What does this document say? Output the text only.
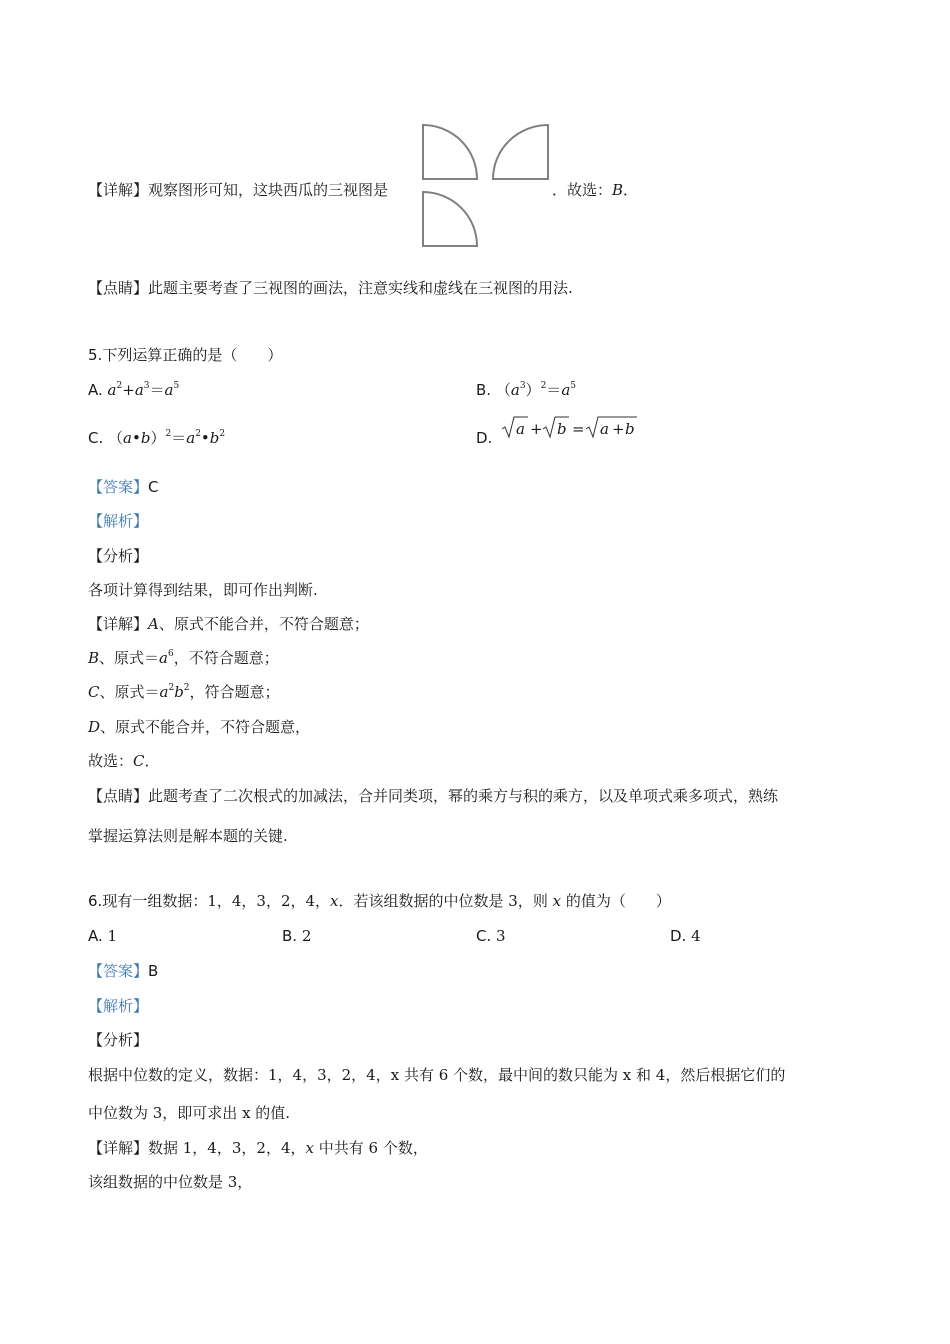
【详解】观察图形可知，这块西瓜的三视图是	．故选：B．
【点睛】此题主要考查了三视图的画法，注意实线和虚线在三视图的用法.
5.下列运算正确的是（　　）
A. $a^2+a^3=a^5$	B. $(a^3)^2=a^5$
C. $(a•b)^2=a^2•b^2$	D. a + b = a + b
【答案】C
【解析】
【分析】
各项计算得到结果，即可作出判断.
【详解】A、原式不能合并，不符合题意；
B、原式$=a^6$，不符合题意；
C、原式$=a^2b^2$，符合题意；
D、原式不能合并，不符合题意，
故选：C．
【点睛】此题考查了二次根式的加减法，合并同类项，幂的乘方与积的乘方，以及单项式乘多项式，熟练
掌握运算法则是解本题的关键.
6.现有一组数据：1，4，3，2，4，x．若该组数据的中位数是 3，则 x 的值为（　　）
A. 1	B. 2	C. 3	D. 4
【答案】B
【解析】
【分析】
根据中位数的定义，数据：1，4，3，2，4，x 共有 6 个数，最中间的数只能为 x 和 4，然后根据它们的
中位数为 3，即可求出 x 的值.
【详解】数据 1，4，3，2，4，x 中共有 6 个数，
该组数据的中位数是 3，
